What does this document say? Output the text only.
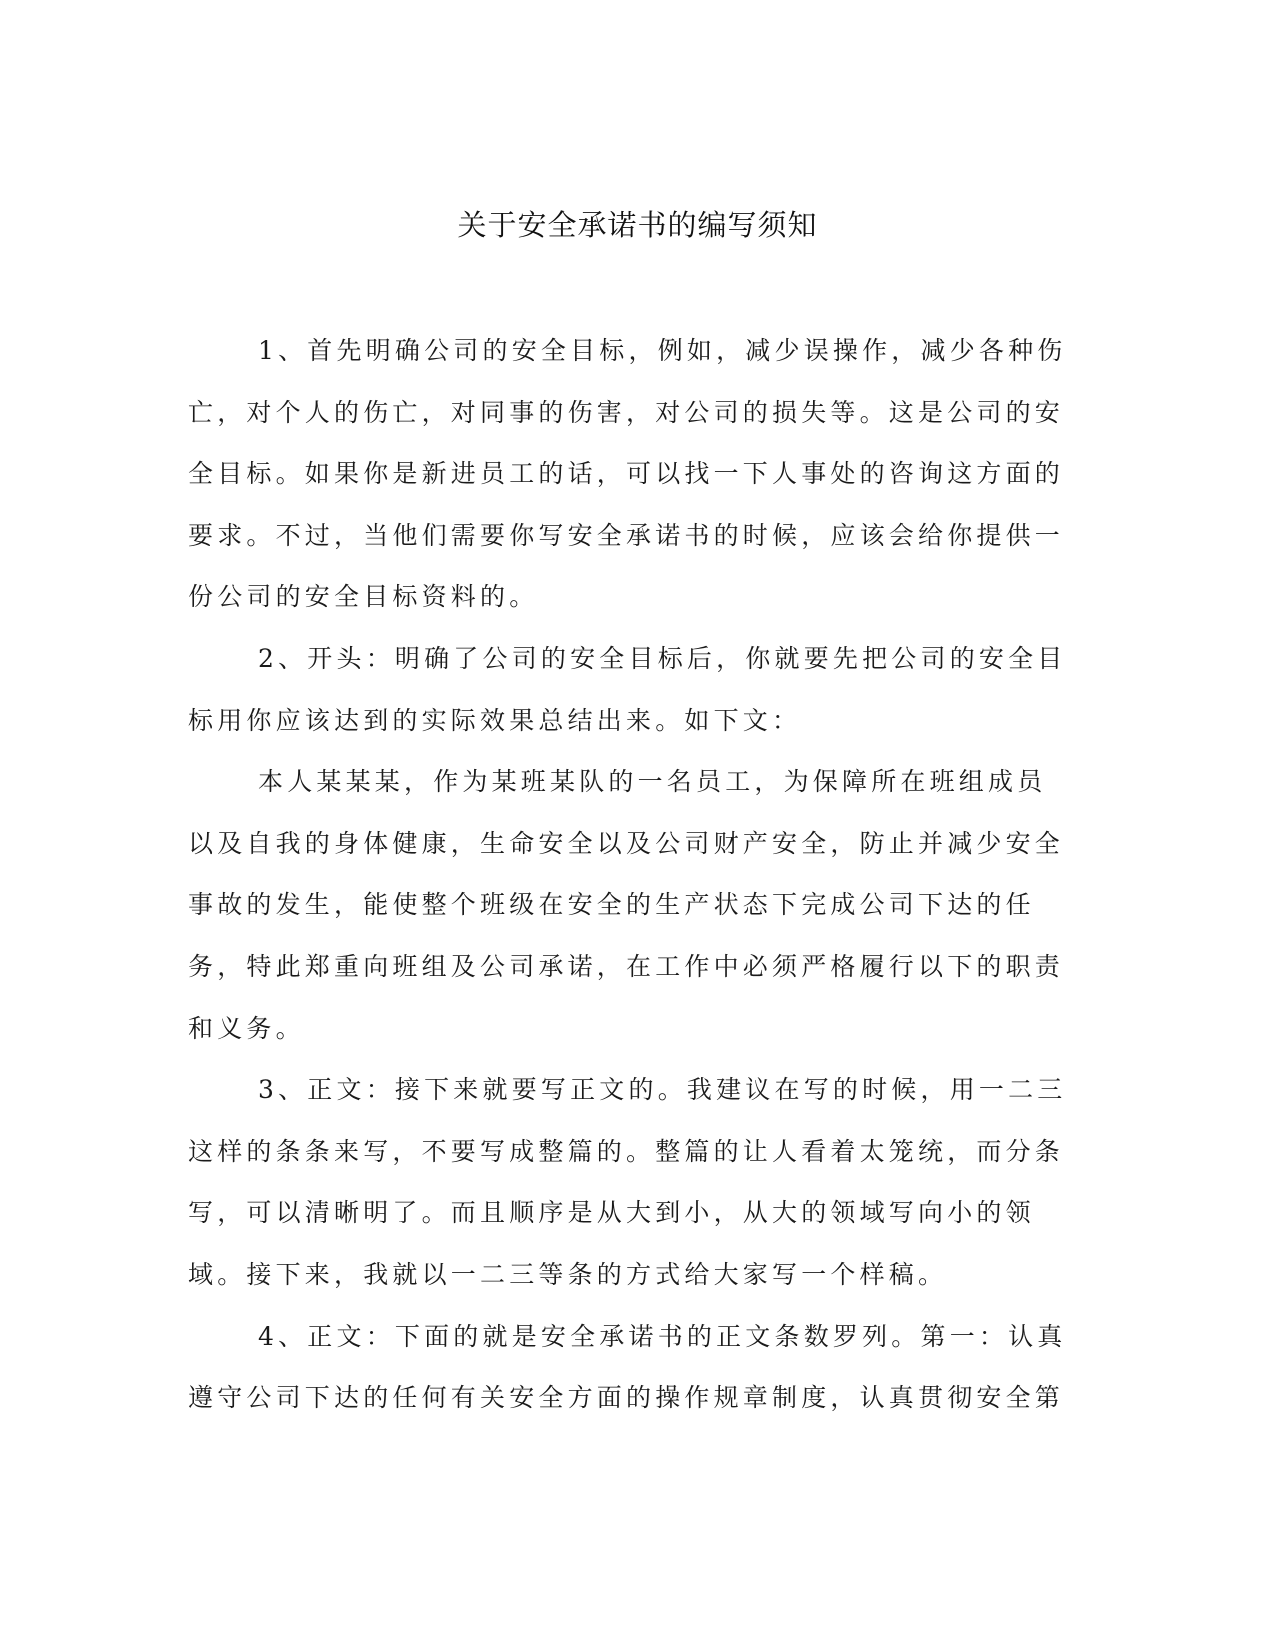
关于安全承诺书的编写须知

1、首先明确公司的安全目标，例如，减少误操作，减少各种伤亡，对个人的伤亡，对同事的伤害，对公司的损失等。这是公司的安全目标。如果你是新进员工的话，可以找一下人事处的咨询这方面的要求。不过，当他们需要你写安全承诺书的时候，应该会给你提供一份公司的安全目标资料的。

2、开头：明确了公司的安全目标后，你就要先把公司的安全目标用你应该达到的实际效果总结出来。如下文：

本人某某某，作为某班某队的一名员工，为保障所在班组成员以及自我的身体健康，生命安全以及公司财产安全，防止并减少安全事故的发生，能使整个班级在安全的生产状态下完成公司下达的任务，特此郑重向班组及公司承诺，在工作中必须严格履行以下的职责和义务。

3、正文：接下来就要写正文的。我建议在写的时候，用一二三这样的条条来写，不要写成整篇的。整篇的让人看着太笼统，而分条写，可以清晰明了。而且顺序是从大到小，从大的领域写向小的领域。接下来，我就以一二三等条的方式给大家写一个样稿。

4、正文：下面的就是安全承诺书的正文条数罗列。第一：认真遵守公司下达的任何有关安全方面的操作规章制度，认真贯彻安全第
